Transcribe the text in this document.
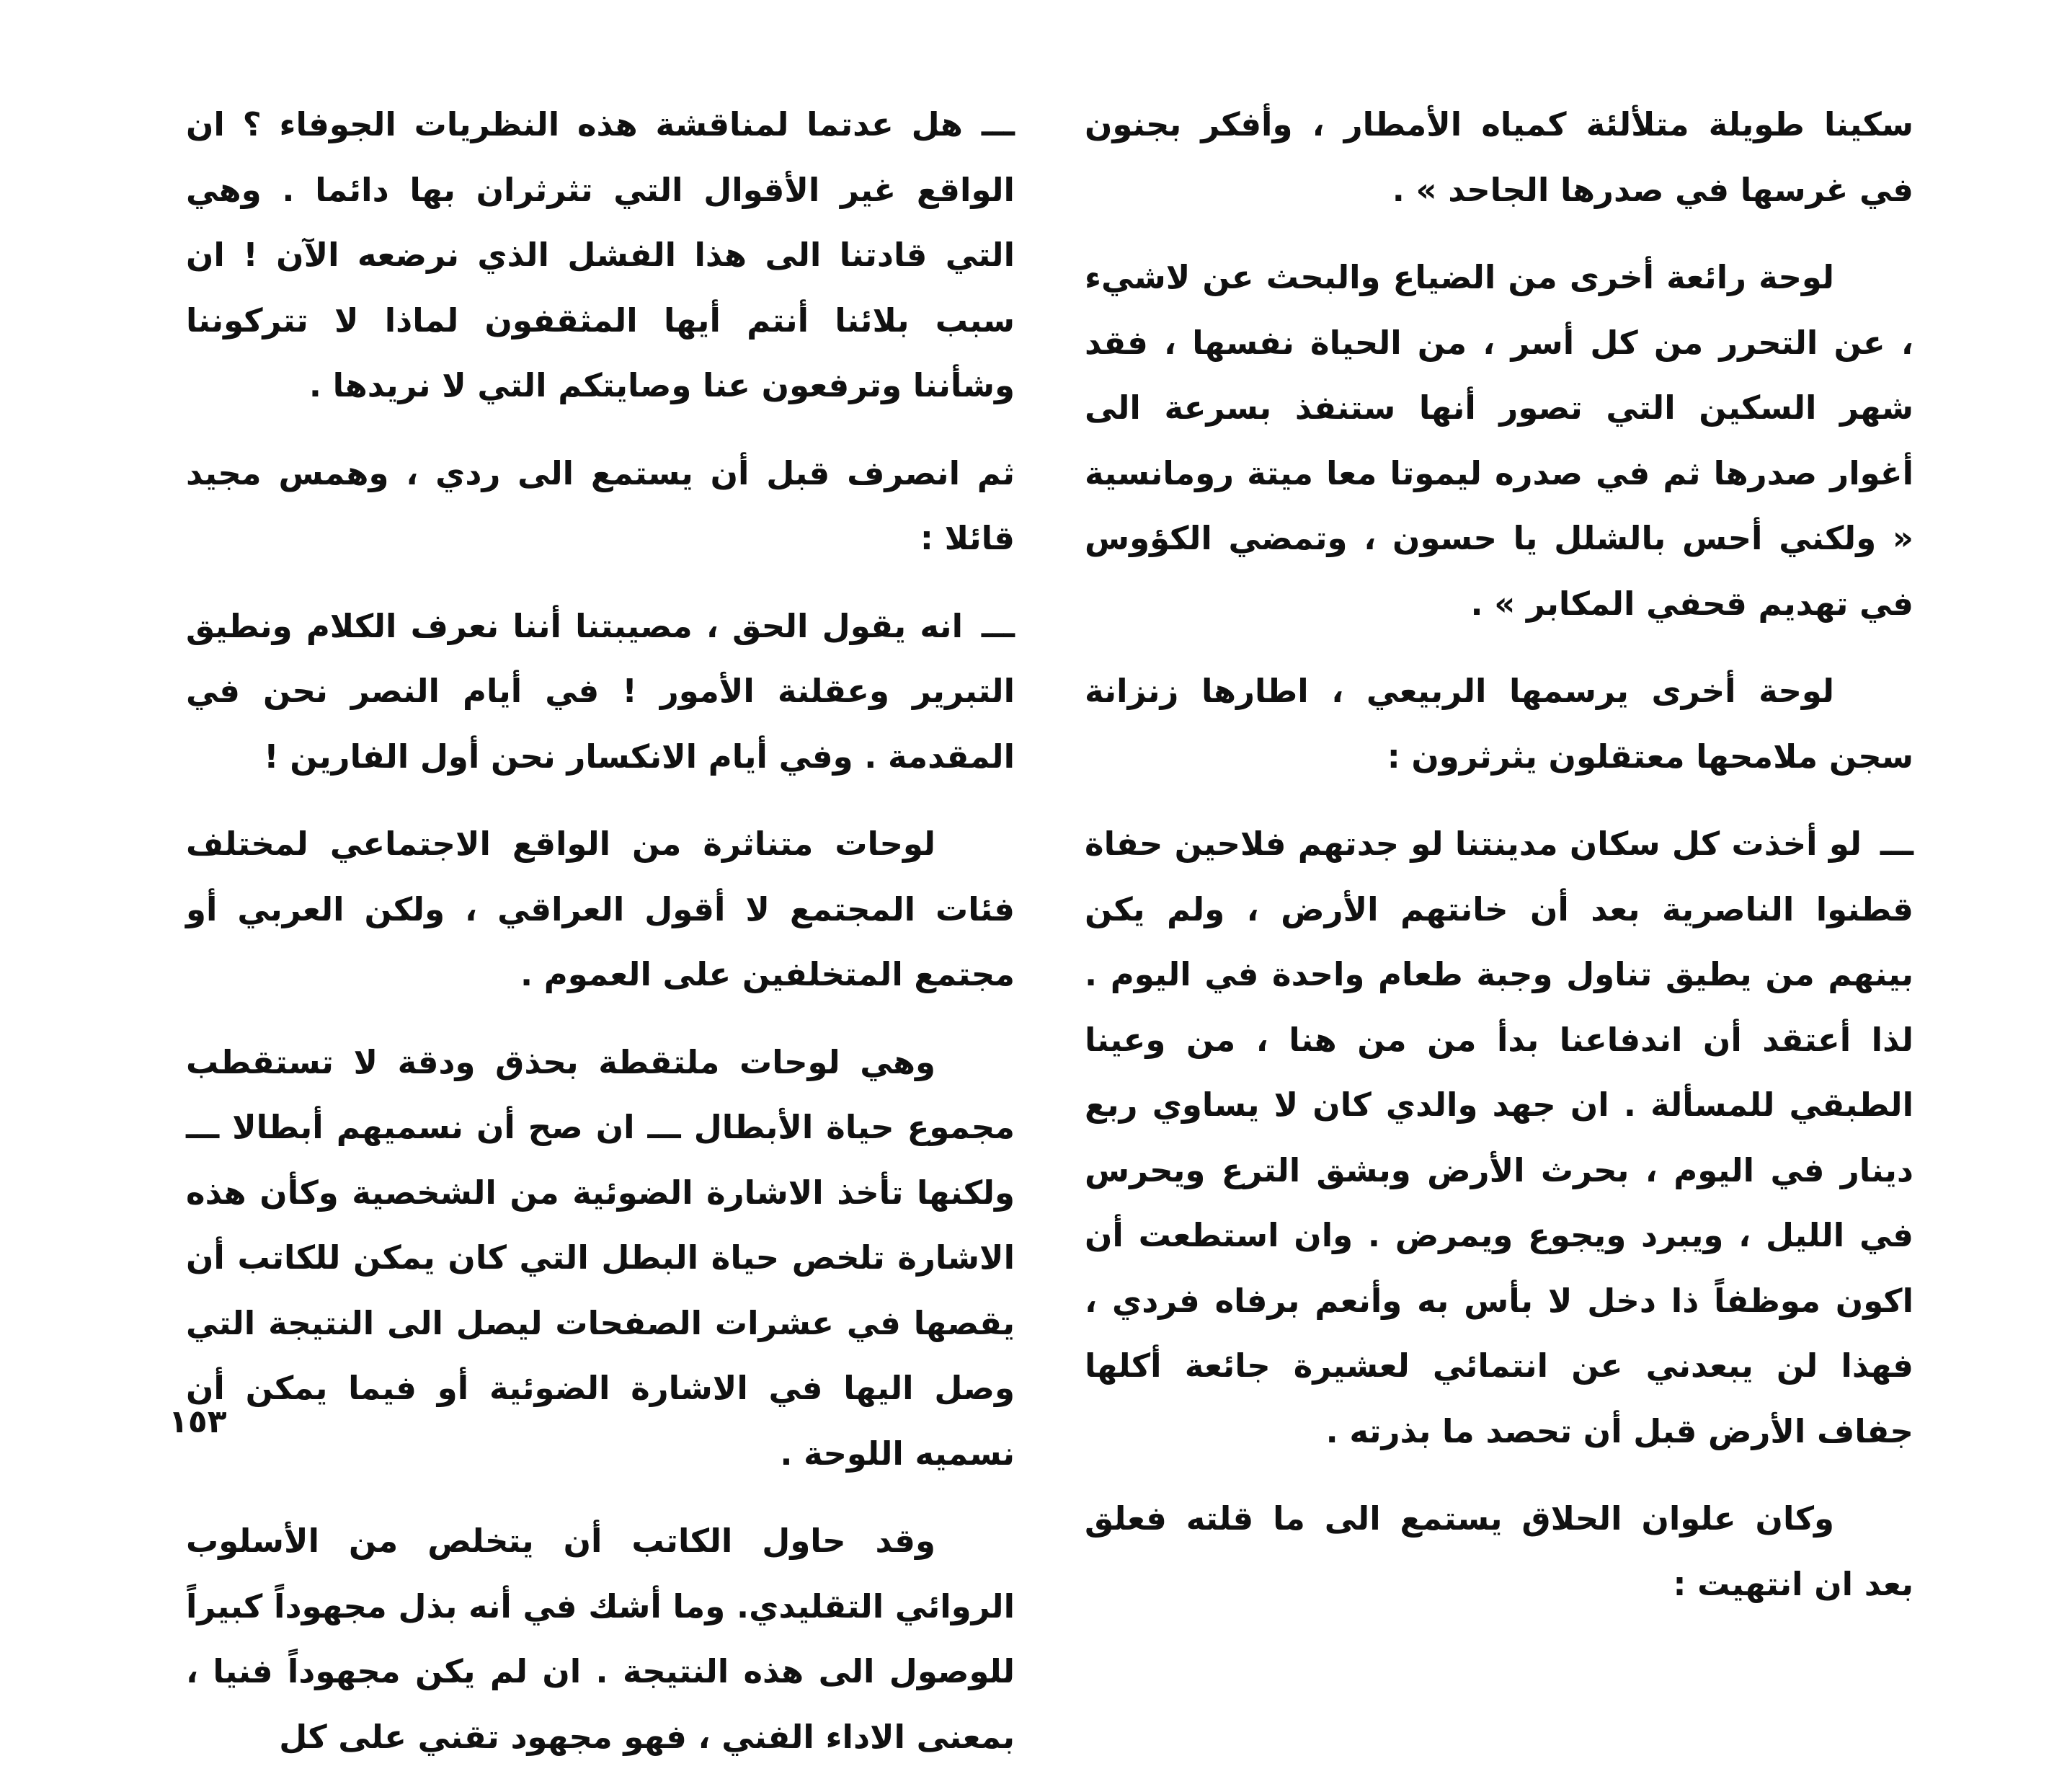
ـــهل عدتما لمناقشة هذه النظريات الجوفاء ؟ ان الواقع غير الأقوال التي تثرثران بها دائما . وهي التي قادتنا الى هذا الفشل الذي نرضعه الآن ! ان سبب بلائنا أنتم أيها المثقفون لماذا لا تتركوننا وشأننا وترفعون عنا وصايتكم التي لا نريدها .

ثم انصرف قبل أن يستمع الى ردي ، وهمس مجيد قائلا :

ـــانه يقول الحق ، مصيبتنا أننا نعرف الكلام ونطيق التبرير وعقلنة الأمور ! في أيام النصر نحن في المقدمة . وفي أيام الانكسار نحن أول الفارين !

لوحات متناثرة من الواقع الاجتماعي لمختلف فئات المجتمع لا أقول العراقي ، ولكن العربي أو مجتمع المتخلفين على العموم .

وهي لوحات ملتقطة بحذق ودقة لا تستقطب مجموع حياة الأبطال ـــ ان صح أن نسميهم أبطالا ـــ ولكنها تأخذ الاشارة الضوئية من الشخصية وكأن هذه الاشارة تلخص حياة البطل التي كان يمكن للكاتب أن يقصها في عشرات الصفحات ليصل الى النتيجة التي وصل اليها في الاشارة الضوئية أو فيما يمكن أن نسميه اللوحة .

وقد حاول الكاتب أن يتخلص من الأسلوب الروائي التقليدي. وما أشك في أنه بذل مجهوداً كبيراً للوصول الى هذه النتيجة . ان لم يكن مجهوداً فنيا ، بمعنى الاداء الفني ، فهو مجهود تقني على كل

١٥٣

سكينا طويلة متلألئة كمياه الأمطار ، وأفكر بجنون في غرسها في صدرها الجاحد » .

لوحة رائعة أخرى من الضياع والبحث عن لاشيء ، عن التحرر من كل أسر ، من الحياة نفسها ، فقد شهر السكين التي تصور أنها ستنفذ بسرعة الى أغوار صدرها ثم في صدره ليموتا معا ميتة رومانسية « ولكني أحس بالشلل يا حسون ، وتمضي الكؤوس في تهديم قحفي المكابر » .

لوحة أخرى يرسمها الربيعي ، اطارها زنزانة سجن ملامحها معتقلون يثرثرون :

ـــلو أخذت كل سكان مدينتنا لو جدتهم فلاحين حفاة قطنوا الناصرية بعد أن خانتهم الأرض ، ولم يكن بينهم من يطيق تناول وجبة طعام واحدة في اليوم . لذا أعتقد أن اندفاعنا بدأ من من هنا ، من وعينا الطبقي للمسألة . ان جهد والدي كان لا يساوي ربع دينار في اليوم ، بحرث الأرض وبشق الترع ويحرس في الليل ، ويبرد ويجوع ويمرض . وان استطعت أن اكون موظفاً ذا دخل لا بأس به وأنعم برفاه فردي ، فهذا لن يبعدني عن انتمائي لعشيرة جائعة أكلها جفاف الأرض قبل أن تحصد ما بذرته .

وكان علوان الحلاق يستمع الى ما قلته فعلق بعد ان انتهيت :
